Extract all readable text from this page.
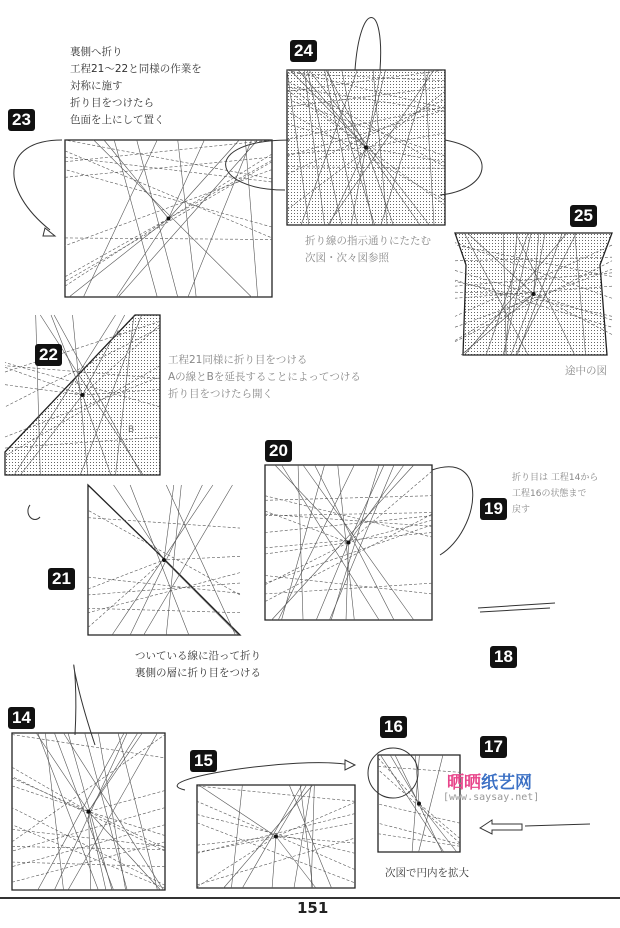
23
24
25
22
20
19
21
18
14
15
16
17
裏側へ折り
工程21～22と同様の作業を
対称に施す
折り目をつけたら
色面を上にして置く
折り線の指示通りにたたむ
次図・次々図参照
途中の図
工程21同様に折り目をつける
Aの線とBを延長することによってつける
折り目をつけたら開く
折り目は 工程14から
工程16の状態まで
戻す
ついている線に沿って折り
裏側の層に折り目をつける
次図で円内を拡大
A
B
晒晒纸艺网
[www.saysay.net]
151
